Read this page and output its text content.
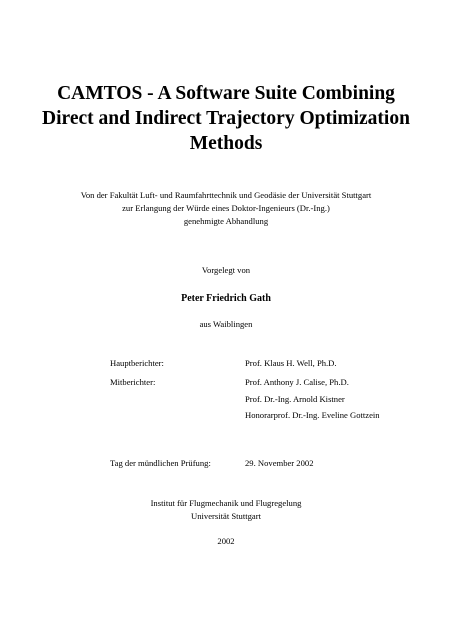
CAMTOS - A Software Suite Combining
Direct and Indirect Trajectory Optimization
Methods
Von der Fakultät Luft- und Raumfahrttechnik und Geodäsie der Universität Stuttgart
zur Erlangung der Würde eines Doktor-Ingenieurs (Dr.-Ing.)
genehmigte Abhandlung
Vorgelegt von
Peter Friedrich Gath
aus Waiblingen
Hauptberichter:	Prof. Klaus H. Well, Ph.D.
Mitberichter:	Prof. Anthony J. Calise, Ph.D.
Prof. Dr.-Ing. Arnold Kistner
Honorarprof. Dr.-Ing. Eveline Gottzein
Tag der mündlichen Prüfung:	29. November 2002
Institut für Flugmechanik und Flugregelung
Universität Stuttgart
2002
